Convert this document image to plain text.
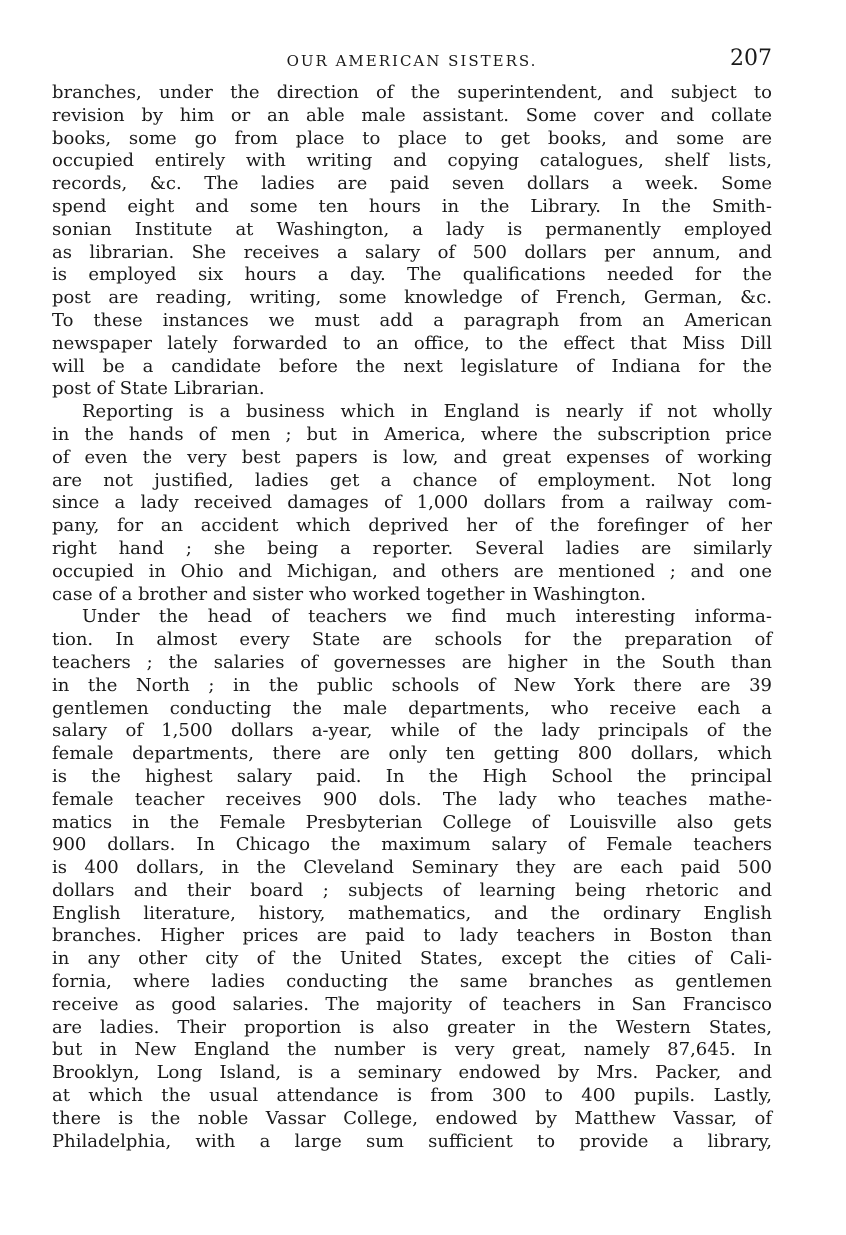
OUR AMERICAN SISTERS.	207
branches, under the direction of the superintendent, and subject to
revision by him or an able male assistant. Some cover and collate
books, some go from place to place to get books, and some are
occupied entirely with writing and copying catalogues, shelf lists,
records, &c. The ladies are paid seven dollars a week. Some
spend eight and some ten hours in the Library. In the Smith-
sonian Institute at Washington, a lady is permanently employed
as librarian. She receives a salary of 500 dollars per annum, and
is employed six hours a day. The qualifications needed for the
post are reading, writing, some knowledge of French, German, &c.
To these instances we must add a paragraph from an American
newspaper lately forwarded to an office, to the effect that Miss Dill
will be a candidate before the next legislature of Indiana for the
post of State Librarian.
Reporting is a business which in England is nearly if not wholly
in the hands of men ; but in America, where the subscription price
of even the very best papers is low, and great expenses of working
are not justified, ladies get a chance of employment. Not long
since a lady received damages of 1,000 dollars from a railway com-
pany, for an accident which deprived her of the forefinger of her
right hand ; she being a reporter. Several ladies are similarly
occupied in Ohio and Michigan, and others are mentioned ; and one
case of a brother and sister who worked together in Washington.
Under the head of teachers we find much interesting informa-
tion. In almost every State are schools for the preparation of
teachers ; the salaries of governesses are higher in the South than
in the North ; in the public schools of New York there are 39
gentlemen conducting the male departments, who receive each a
salary of 1,500 dollars a-year, while of the lady principals of the
female departments, there are only ten getting 800 dollars, which
is the highest salary paid. In the High School the principal
female teacher receives 900 dols. The lady who teaches mathe-
matics in the Female Presbyterian College of Louisville also gets
900 dollars. In Chicago the maximum salary of Female teachers
is 400 dollars, in the Cleveland Seminary they are each paid 500
dollars and their board ; subjects of learning being rhetoric and
English literature, history, mathematics, and the ordinary English
branches. Higher prices are paid to lady teachers in Boston than
in any other city of the United States, except the cities of Cali-
fornia, where ladies conducting the same branches as gentlemen
receive as good salaries. The majority of teachers in San Francisco
are ladies. Their proportion is also greater in the Western States,
but in New England the number is very great, namely 87,645. In
Brooklyn, Long Island, is a seminary endowed by Mrs. Packer, and
at which the usual attendance is from 300 to 400 pupils. Lastly,
there is the noble Vassar College, endowed by Matthew Vassar, of
Philadelphia, with a large sum sufficient to provide a library,
